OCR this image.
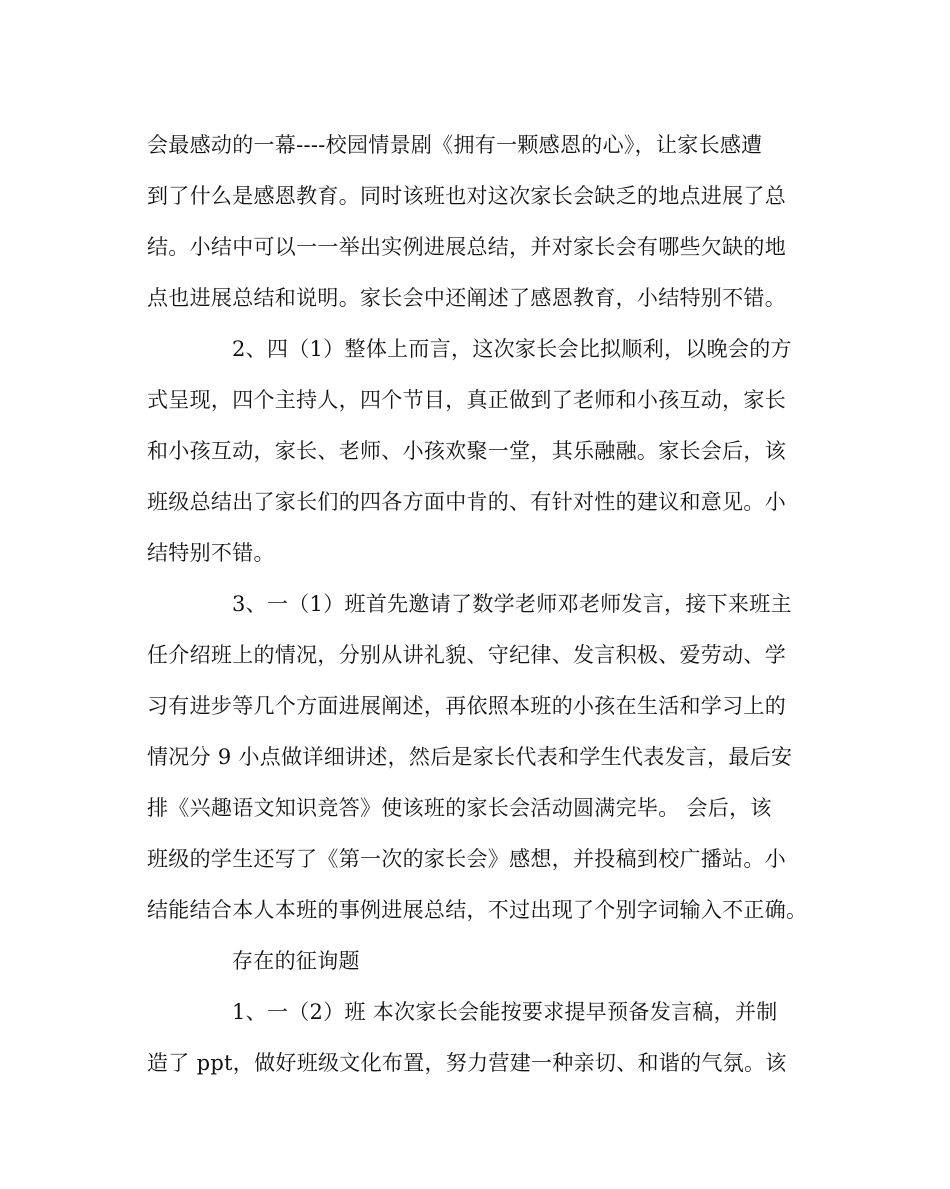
会最感动的一幕----校园情景剧《拥有一颗感恩的心》，让家长感遭

到了什么是感恩教育。同时该班也对这次家长会缺乏的地点进展了总

结。小结中可以一一举出实例进展总结，并对家长会有哪些欠缺的地

点也进展总结和说明。家长会中还阐述了感恩教育，小结特别不错。

2、四（1）整体上而言，这次家长会比拟顺利，以晚会的方

式呈现，四个主持人，四个节目，真正做到了老师和小孩互动，家长

和小孩互动，家长、老师、小孩欢聚一堂，其乐融融。家长会后，该

班级总结出了家长们的四各方面中肯的、有针对性的建议和意见。小

结特别不错。

3、一（1）班首先邀请了数学老师邓老师发言，接下来班主

任介绍班上的情况，分别从讲礼貌、守纪律、发言积极、爱劳动、学

习有进步等几个方面进展阐述，再依照本班的小孩在生活和学习上的

情况分 9 小点做详细讲述，然后是家长代表和学生代表发言，最后安

排《兴趣语文知识竞答》使该班的家长会活动圆满完毕。 会后，该

班级的学生还写了《第一次的家长会》感想，并投稿到校广播站。小

结能结合本人本班的事例进展总结，不过出现了个别字词输入不正确。

存在的征询题

1、一（2）班 本次家长会能按要求提早预备发言稿，并制

造了 ppt，做好班级文化布置，努力营建一种亲切、和谐的气氛。该
